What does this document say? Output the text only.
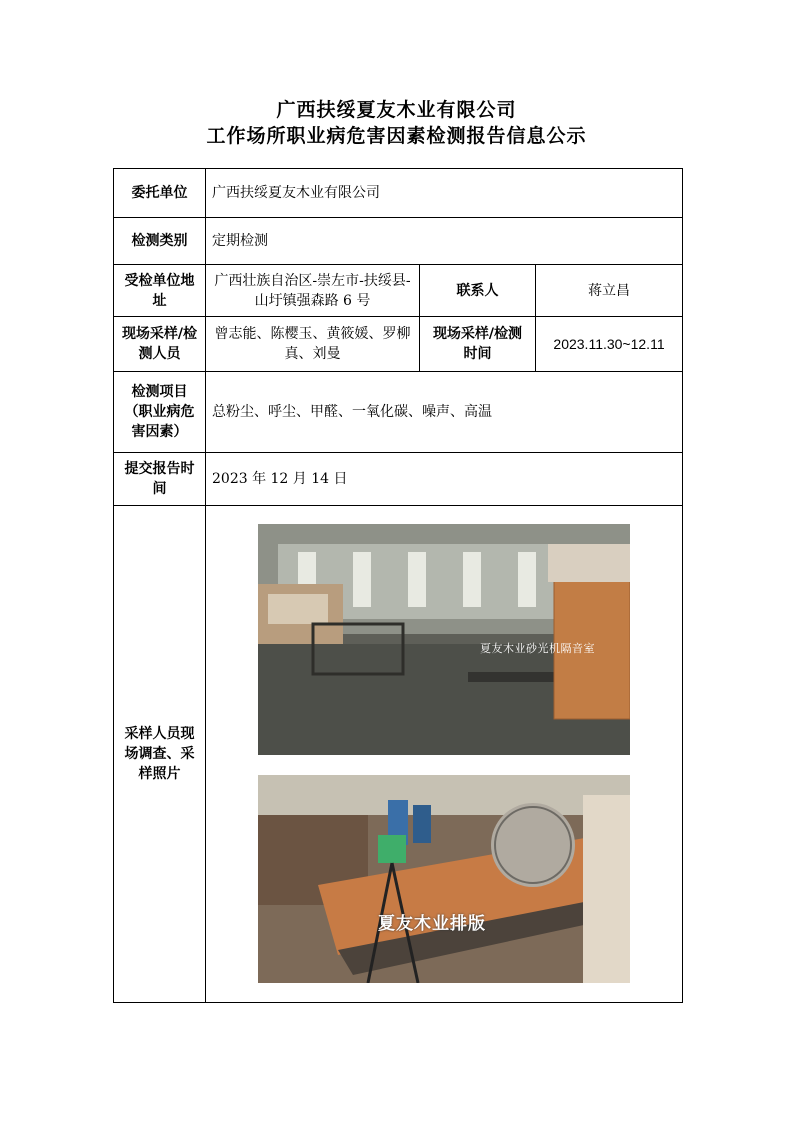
广西扶绥夏友木业有限公司
工作场所职业病危害因素检测报告信息公示
委托单位	广西扶绥夏友木业有限公司		
检测类别	定期检测		
受检单位地址	广西壮族自治区-崇左市-扶绥县-山圩镇强森路 6 号	联系人	蒋立昌
现场采样/检测人员	曾志能、陈樱玉、黄筱媛、罗柳真、刘曼	现场采样/检测时间	2023.11.30~12.11
检测项目（职业病危害因素）	总粉尘、呼尘、甲醛、一氧化碳、噪声、高温		
提交报告时间	2023 年 12 月 14 日		
采样人员现场调查、采样照片	夏友木业砂光机隔音室
夏友木业排版		
